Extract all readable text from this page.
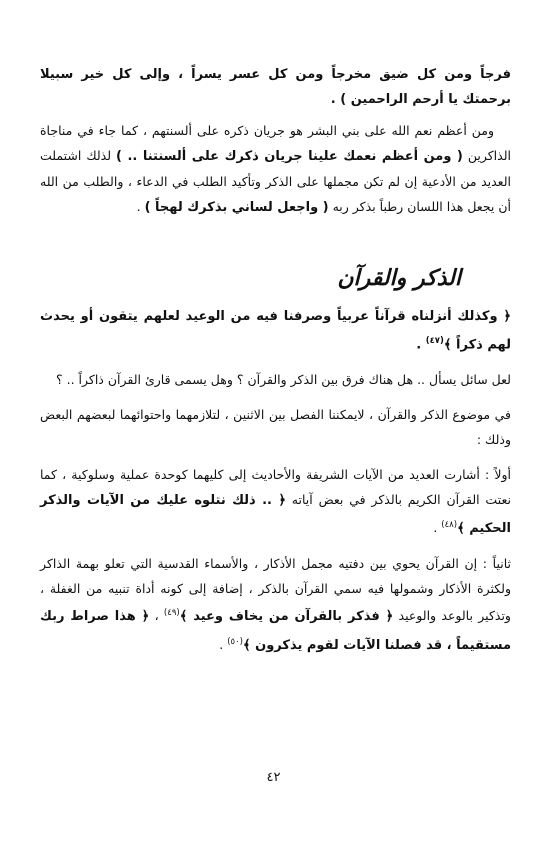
فرجاً ومن كل ضيق مخرجاً ومن كل عسر يسراً ، وإلى كل خير سبيلا برحمتك يا أرحم الراحمين ) .

ومن أعظم نعم الله على بني البشر هو جريان ذكره على ألسنتهم ، كما جاء في مناجاة الذاكرين ( ومن أعظم نعمك علينا جريان ذكرك على ألسنتنا .. ) لذلك اشتملت العديد من الأدعية إن لم تكن مجملها على الذكر وتأكيد الطلب في الدعاء ، والطلب من الله أن يجعل هذا اللسان رطباً بذكر ربه ( واجعل لساني بذكرك لهجاً ) .

الذكر والقرآن

﴿ وكذلك أنزلناه قرآناً عربياً وصرفنا فيه من الوعيد لعلهم يتقون أو يحدث لهم ذكراً ﴾$^{(٤٧)}$ .

لعل سائل يسأل .. هل هناك فرق بين الذكر والقرآن ؟ وهل يسمى قارئ القرآن ذاكراً .. ؟

في موضوع الذكر والقرآن ، لايمكننا الفصل بين الاثنين ، لتلازمهما واحتوائهما لبعضهم البعض وذلك :

أولاً : أشارت العديد من الآيات الشريفة والأحاديث إلى كليهما كوحدة عملية وسلوكية ، كما نعتت القرآن الكريم بالذكر في بعض آياته ﴿ .. ذلك نتلوه عليك من الآيات والذكر الحكيم ﴾$^{(٤٨)}$ .

ثانياً : إن القرآن يحوي بين دفتيه مجمل الأذكار ، والأسماء القدسية التي تعلو بهمة الذاكر ولكثرة الأذكار وشمولها فيه سمي القرآن بالذكر ، إضافة إلى كونه أداة تنبيه من الغفلة ، وتذكير بالوعد والوعيد ﴿ فذكر بالقرآن من يخاف وعيد ﴾$^{(٤٩)}$ ، ﴿ هذا صراط ربك مستقيماً ، قد فصلنا الآيات لقوم يذكرون ﴾$^{(٥٠)}$ .

٤٢
